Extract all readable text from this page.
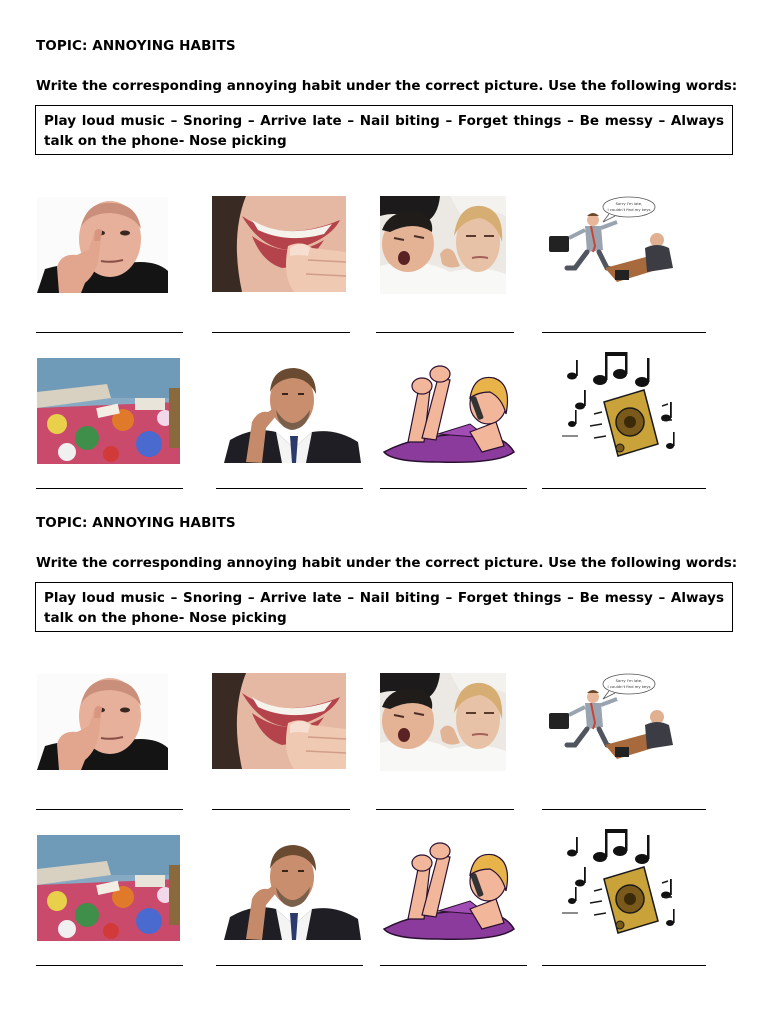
TOPIC: ANNOYING HABITS
Write the corresponding annoying habit under the correct picture. Use the following words:
Play loud music – Snoring – Arrive late – Nail biting – Forget things – Be messy – Always talk on the phone- Nose picking
Sorry I'm late,
I couldn't find my keys
TOPIC: ANNOYING HABITS
Write the corresponding annoying habit under the correct picture. Use the following words:
Play loud music – Snoring – Arrive late – Nail biting – Forget things – Be messy – Always talk on the phone- Nose picking
Sorry I'm late,
I couldn't find my keys
